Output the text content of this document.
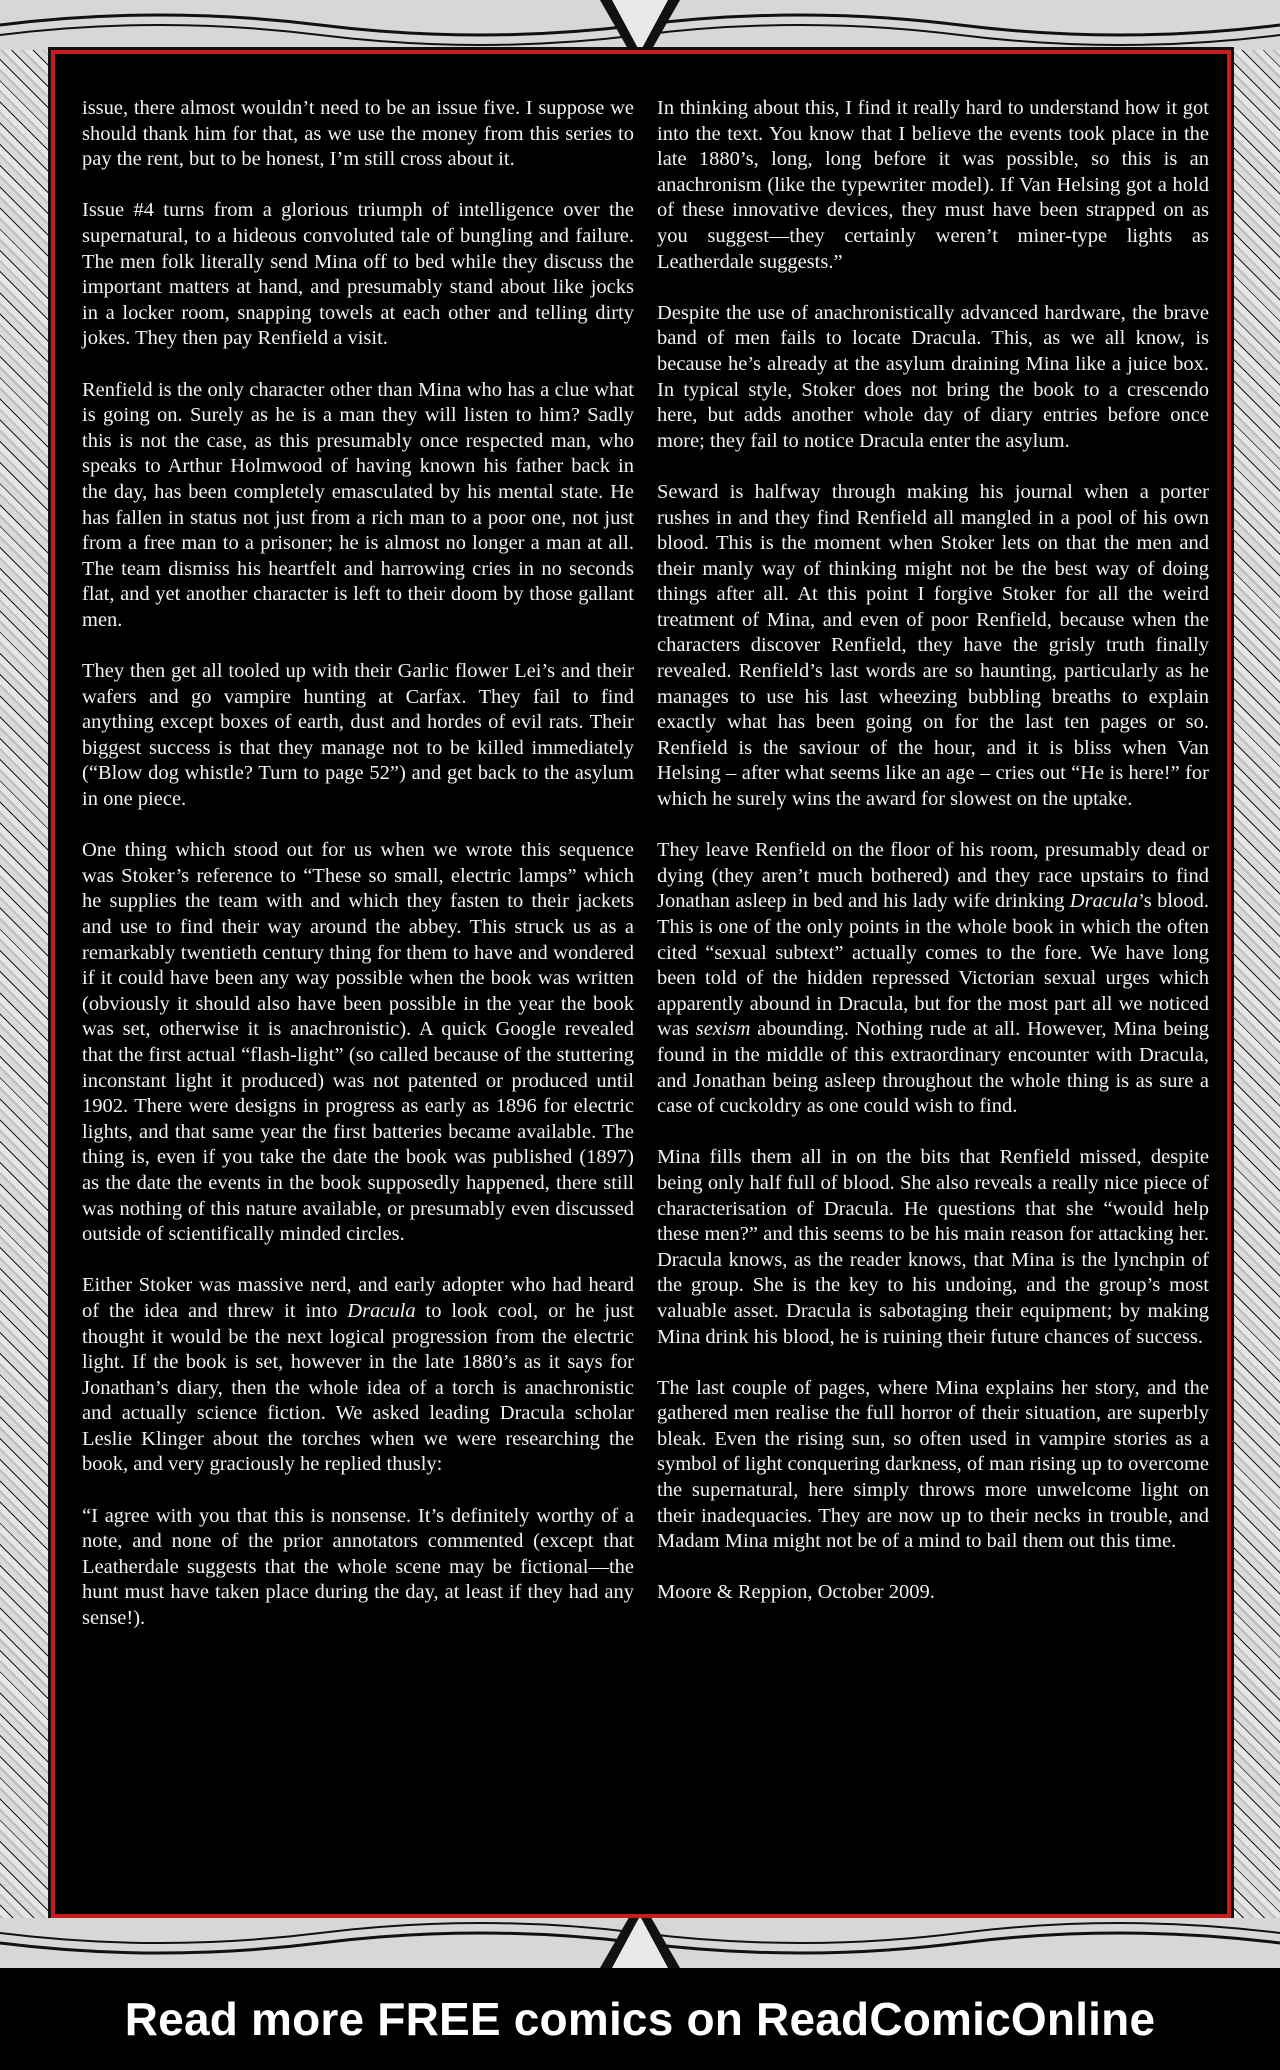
issue, there almost wouldn’t need to be an issue five. I suppose we should thank him for that, as we use the money from this series to pay the rent, but to be honest, I’m still cross about it.

Issue #4 turns from a glorious triumph of intelligence over the supernatural, to a hideous convoluted tale of bungling and failure. The men folk literally send Mina off to bed while they discuss the important matters at hand, and presumably stand about like jocks in a locker room, snapping towels at each other and telling dirty jokes. They then pay Renfield a visit.

Renfield is the only character other than Mina who has a clue what is going on. Surely as he is a man they will listen to him? Sadly this is not the case, as this presumably once respected man, who speaks to Arthur Holmwood of having known his father back in the day, has been completely emasculated by his mental state. He has fallen in status not just from a rich man to a poor one, not just from a free man to a prisoner; he is almost no longer a man at all. The team dismiss his heartfelt and harrowing cries in no seconds flat, and yet another character is left to their doom by those gallant men.

They then get all tooled up with their Garlic flower Lei’s and their wafers and go vampire hunting at Carfax. They fail to find anything except boxes of earth, dust and hordes of evil rats. Their biggest success is that they manage not to be killed immediately (“Blow dog whistle? Turn to page 52”) and get back to the asylum in one piece.

One thing which stood out for us when we wrote this sequence was Stoker’s reference to “These so small, electric lamps” which he supplies the team with and which they fasten to their jackets and use to find their way around the abbey. This struck us as a remarkably twentieth century thing for them to have and wondered if it could have been any way possible when the book was written (obviously it should also have been possible in the year the book was set, otherwise it is anachronistic). A quick Google revealed that the first actual “flash-light” (so called because of the stuttering inconstant light it produced) was not patented or produced until 1902. There were designs in progress as early as 1896 for electric lights, and that same year the first batteries became available. The thing is, even if you take the date the book was published (1897) as the date the events in the book supposedly happened, there still was nothing of this nature available, or presumably even discussed outside of scientifically minded circles.

Either Stoker was massive nerd, and early adopter who had heard of the idea and threw it into Dracula to look cool, or he just thought it would be the next logical progression from the electric light. If the book is set, however in the late 1880’s as it says for Jonathan’s diary, then the whole idea of a torch is anachronistic and actually science fiction. We asked leading Dracula scholar Leslie Klinger about the torches when we were researching the book, and very graciously he replied thusly:

“I agree with you that this is nonsense. It’s definitely worthy of a note, and none of the prior annotators commented (except that Leatherdale suggests that the whole scene may be fictional—the hunt must have taken place during the day, at least if they had any sense!).

In thinking about this, I find it really hard to understand how it got into the text. You know that I believe the events took place in the late 1880’s, long, long before it was possible, so this is an anachronism (like the typewriter model). If Van Helsing got a hold of these innovative devices, they must have been strapped on as you suggest—they certainly weren’t miner-type lights as Leatherdale suggests.”

Despite the use of anachronistically advanced hardware, the brave band of men fails to locate Dracula. This, as we all know, is because he’s already at the asylum draining Mina like a juice box. In typical style, Stoker does not bring the book to a crescendo here, but adds another whole day of diary entries before once more; they fail to notice Dracula enter the asylum.

Seward is halfway through making his journal when a porter rushes in and they find Renfield all mangled in a pool of his own blood. This is the moment when Stoker lets on that the men and their manly way of thinking might not be the best way of doing things after all. At this point I forgive Stoker for all the weird treatment of Mina, and even of poor Renfield, because when the characters discover Renfield, they have the grisly truth finally revealed. Renfield’s last words are so haunting, particularly as he manages to use his last wheezing bubbling breaths to explain exactly what has been going on for the last ten pages or so. Renfield is the saviour of the hour, and it is bliss when Van Helsing – after what seems like an age – cries out “He is here!” for which he surely wins the award for slowest on the uptake.

They leave Renfield on the floor of his room, presumably dead or dying (they aren’t much bothered) and they race upstairs to find Jonathan asleep in bed and his lady wife drinking Dracula’s blood. This is one of the only points in the whole book in which the often cited “sexual subtext” actually comes to the fore. We have long been told of the hidden repressed Victorian sexual urges which apparently abound in Dracula, but for the most part all we noticed was sexism abounding. Nothing rude at all. However, Mina being found in the middle of this extraordinary encounter with Dracula, and Jonathan being asleep throughout the whole thing is as sure a case of cuckoldry as one could wish to find.

Mina fills them all in on the bits that Renfield missed, despite being only half full of blood. She also reveals a really nice piece of characterisation of Dracula. He questions that she “would help these men?” and this seems to be his main reason for attacking her. Dracula knows, as the reader knows, that Mina is the lynchpin of the group. She is the key to his undoing, and the group’s most valuable asset. Dracula is sabotaging their equipment; by making Mina drink his blood, he is ruining their future chances of success.

The last couple of pages, where Mina explains her story, and the gathered men realise the full horror of their situation, are superbly bleak. Even the rising sun, so often used in vampire stories as a symbol of light conquering darkness, of man rising up to overcome the supernatural, here simply throws more unwelcome light on their inadequacies. They are now up to their necks in trouble, and Madam Mina might not be of a mind to bail them out this time.

Moore & Reppion, October 2009.

Read more FREE comics on ReadComicOnline
